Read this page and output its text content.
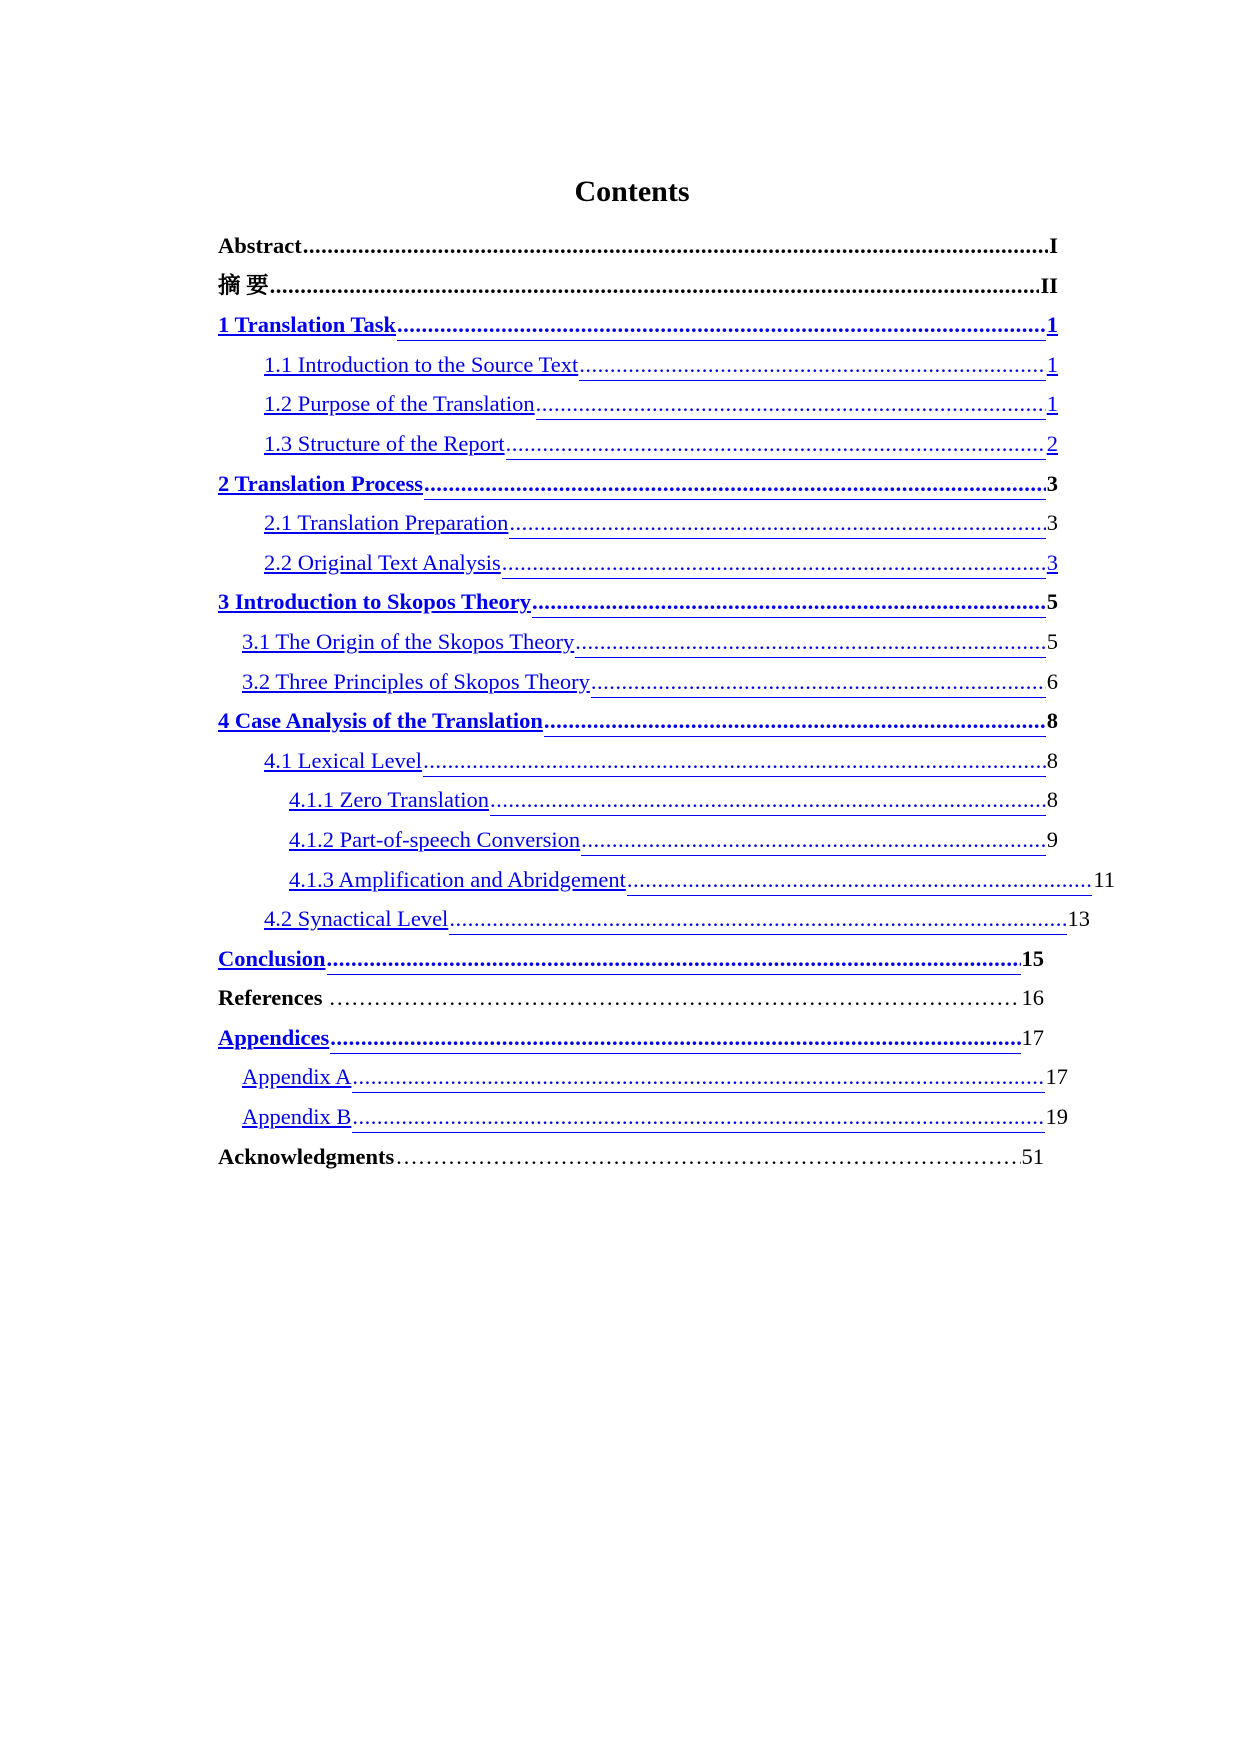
Contents
Abstract .....	I
摘 要 .....	II
1 Translation Task .....	1
1.1 Introduction to the Source Text .....	1
1.2 Purpose of the Translation .....	1
1.3 Structure of the Report .....	2
2 Translation Process .....	3
2.1 Translation Preparation .....	3
2.2 Original Text Analysis .....	3
3 Introduction to Skopos Theory .....	5
3.1 The Origin of the Skopos Theory .....	5
3.2 Three Principles of Skopos Theory .....	6
4 Case Analysis of the Translation .....	8
4.1 Lexical Level .....	8
4.1.1 Zero Translation .....	8
4.1.2 Part-of-speech Conversion .....	9
4.1.3 Amplification and Abridgement .....	11
4.2 Synactical Level .....	13
Conclusion .....	15
References ………………………………………………………………………………………………………………………………………………………………………………………	16
Appendices .....	17
Appendix A .....	17
Appendix B .....	19
Acknowledgments ………………………………………………………………………………………………………………………………………………………………………………………	51
